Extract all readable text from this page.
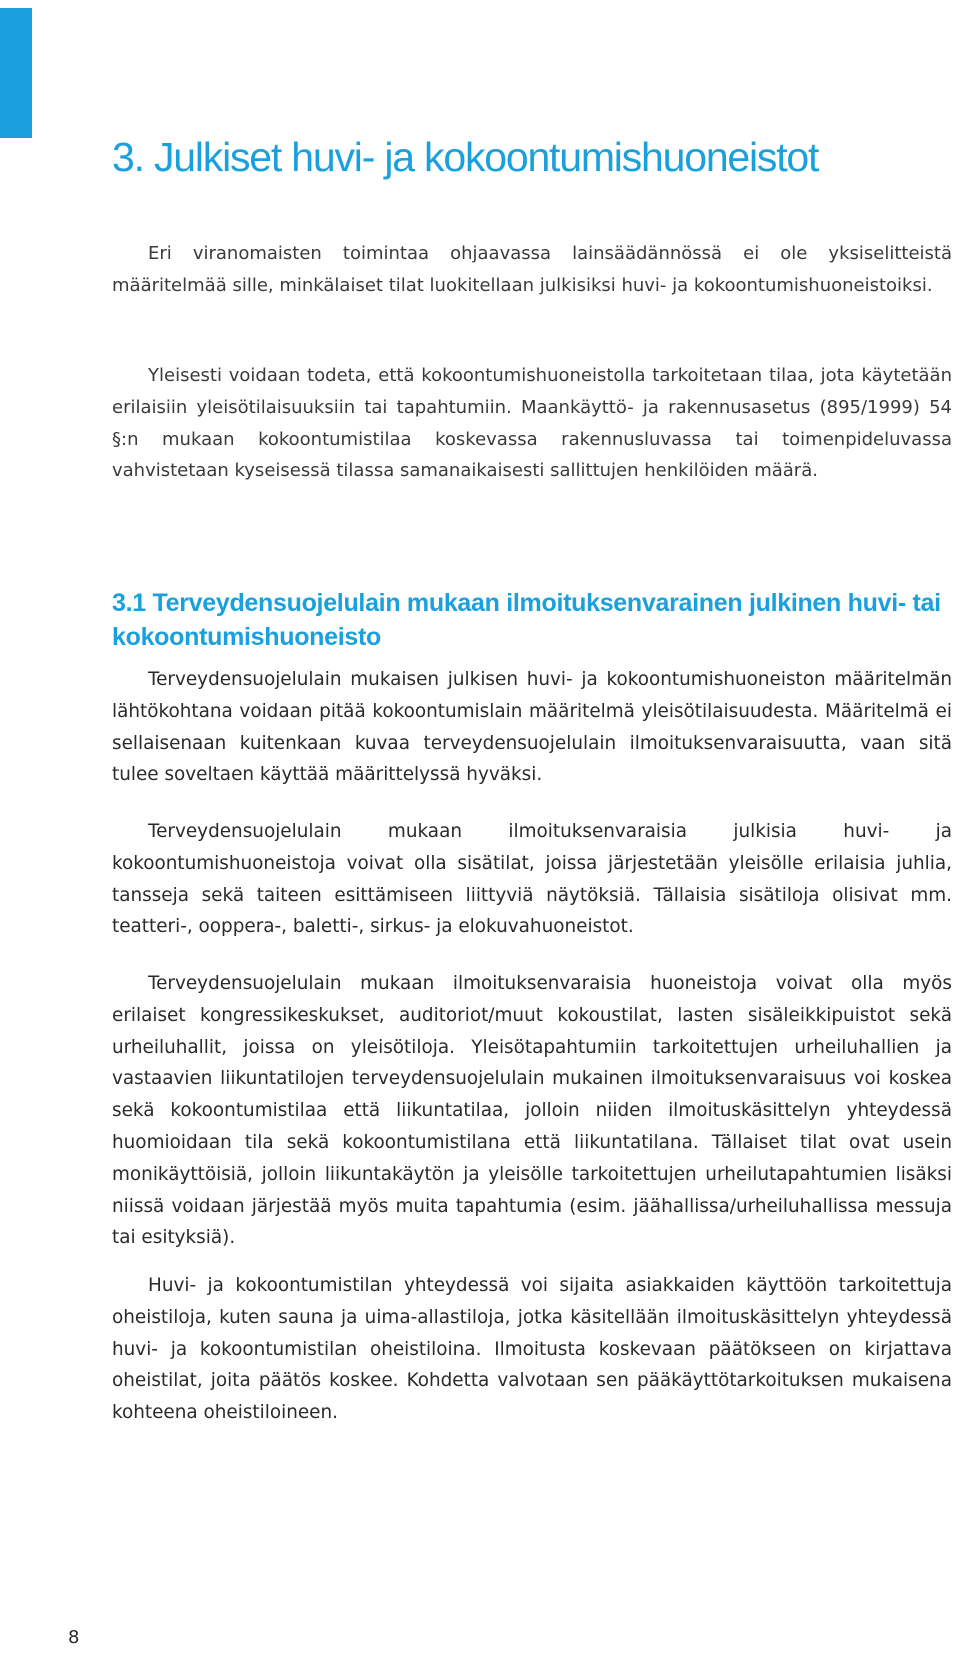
3. Julkiset huvi- ja kokoontumishuoneistot

Eri viranomaisten toimintaa ohjaavassa lainsäädännössä ei ole yksiselitteistä määritelmää sille, minkälaiset tilat luokitellaan julkisiksi huvi- ja kokoontumishuoneistoiksi.

Yleisesti voidaan todeta, että kokoontumishuoneistolla tarkoitetaan tilaa, jota käytetään erilaisiin yleisötilaisuuksiin tai tapahtumiin. Maankäyttö- ja rakennusasetus (895/1999) 54 §:n mukaan kokoontumistilaa koskevassa rakennusluvassa tai toimenpideluvassa vahvistetaan kyseisessä tilassa samanaikaisesti sallittujen henkilöiden määrä.

3.1 Terveydensuojelulain mukaan ilmoituksenvarainen julkinen huvi- tai kokoontumishuoneisto

Terveydensuojelulain mukaisen julkisen huvi- ja kokoontumishuoneiston määritelmän lähtökohtana voidaan pitää kokoontumislain määritelmä yleisötilaisuudesta. Määritelmä ei sellaisenaan kuitenkaan kuvaa terveydensuojelulain ilmoituksenvaraisuutta, vaan sitä tulee soveltaen käyttää määrittelyssä hyväksi.

Terveydensuojelulain mukaan ilmoituksenvaraisia julkisia huvi- ja kokoontumishuoneistoja voivat olla sisätilat, joissa järjestetään yleisölle erilaisia juhlia, tansseja sekä taiteen esittämiseen liittyviä näytöksiä. Tällaisia sisätiloja olisivat mm. teatteri-, ooppera-, baletti-, sirkus- ja elokuvahuoneistot.

Terveydensuojelulain mukaan ilmoituksenvaraisia huoneistoja voivat olla myös erilaiset kongressikeskukset, auditoriot/muut kokoustilat, lasten sisäleikkipuistot sekä urheiluhallit, joissa on yleisötiloja. Yleisötapahtumiin tarkoitettujen urheiluhallien ja vastaavien liikuntatilojen terveydensuojelulain mukainen ilmoituksenvaraisuus voi koskea sekä kokoontumistilaa että liikuntatilaa, jolloin niiden ilmoituskäsittelyn yhteydessä huomioidaan tila sekä kokoontumistilana että liikuntatilana. Tällaiset tilat ovat usein monikäyttöisiä, jolloin liikuntakäytön ja yleisölle tarkoitettujen urheilutapahtumien lisäksi niissä voidaan järjestää myös muita tapahtumia (esim. jäähallissa/urheiluhallissa messuja tai esityksiä).

Huvi- ja kokoontumistilan yhteydessä voi sijaita asiakkaiden käyttöön tarkoitettuja oheistiloja, kuten sauna ja uima-allastiloja, jotka käsitellään ilmoituskäsittelyn yhteydessä huvi- ja kokoontumistilan oheistiloina. Ilmoitusta koskevaan päätökseen on kirjattava oheistilat, joita päätös koskee. Kohdetta valvotaan sen pääkäyttötarkoituksen mukaisena kohteena oheistiloineen.

8
